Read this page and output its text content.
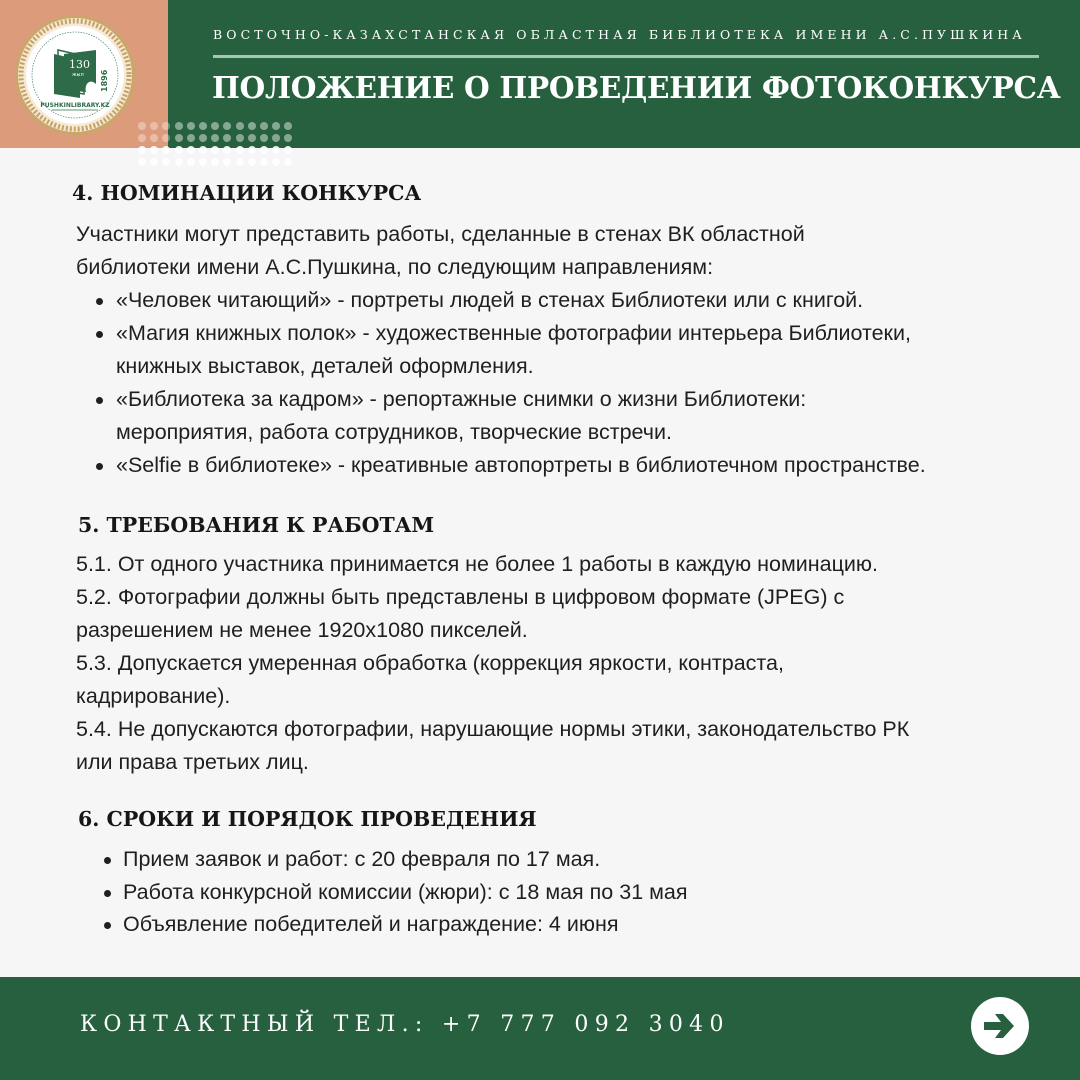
130
жыл 1896
PUSHKINLIBRARY.KZ
ВОСТОЧНО-КАЗАХСТАНСКАЯ ОБЛАСТНАЯ БИБЛИОТЕКА ИМЕНИ А.С.ПУШКИНА
ПОЛОЖЕНИЕ О ПРОВЕДЕНИИ ФОТОКОНКУРСА
4. НОМИНАЦИИ КОНКУРСА
Участники могут представить работы, сделанные в стенах ВК областной
библиотеки имени А.С.Пушкина, по следующим направлениям:
«Человек читающий» - портреты людей в стенах Библиотеки или с книгой.
«Магия книжных полок» - художественные фотографии интерьера Библиотеки,
книжных выставок, деталей оформления.
«Библиотека за кадром» - репортажные снимки о жизни Библиотеки:
мероприятия, работа сотрудников, творческие встречи.
«Selfie в библиотеке» - креативные автопортреты в библиотечном пространстве.
5. ТРЕБОВАНИЯ К РАБОТАМ
5.1. От одного участника принимается не более 1 работы в каждую номинацию.
5.2. Фотографии должны быть представлены в цифровом формате (JPEG) с
разрешением не менее 1920x1080 пикселей.
5.3. Допускается умеренная обработка (коррекция яркости, контраста,
кадрирование).
5.4. Не допускаются фотографии, нарушающие нормы этики, законодательство РК
или права третьих лиц.
6. СРОКИ И ПОРЯДОК ПРОВЕДЕНИЯ
Прием заявок и работ: с 20 февраля по 17 мая.
Работа конкурсной комиссии (жюри): с 18 мая по 31 мая
Объявление победителей и награждение: 4 июня
КОНТАКТНЫЙ ТЕЛ.: +7 777 092 3040
